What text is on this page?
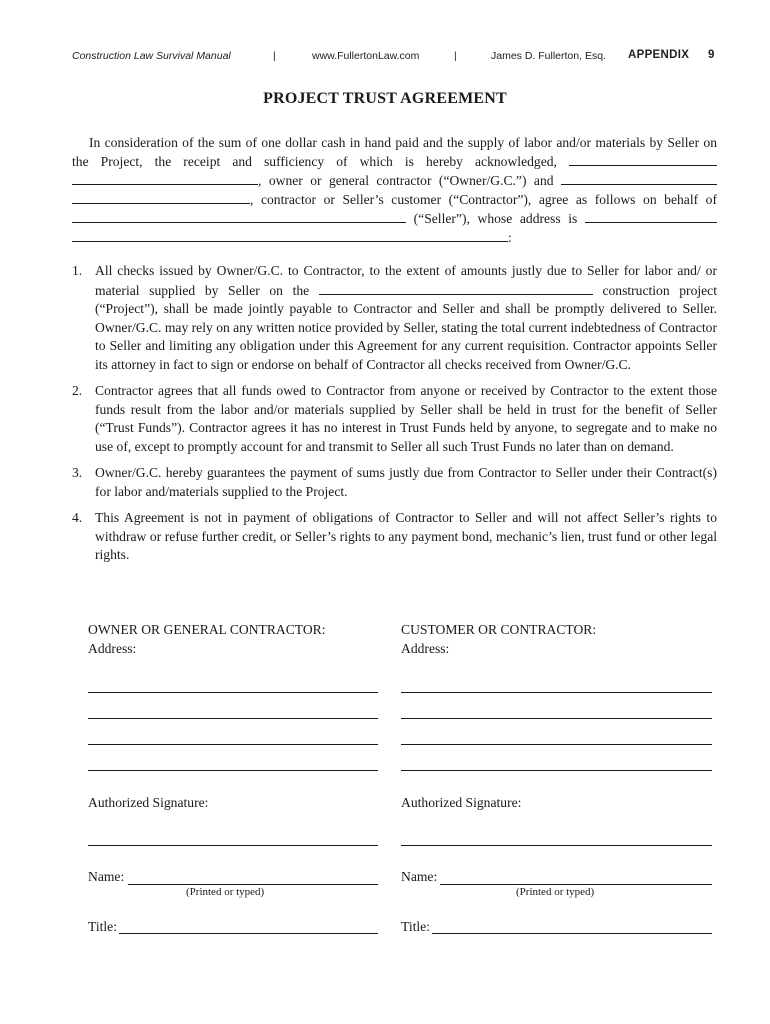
Construction Law Survival Manual	|	www.FullertonLaw.com	|	James D. Fullerton, Esq. APPENDIX 9
PROJECT TRUST AGREEMENT

In consideration of the sum of one dollar cash in hand paid and the supply of labor and/or materials by Seller on the Project, the receipt and sufficiency of which is hereby acknowledged,  , owner or general contractor (“Owner/G.C.”) and  , contractor or Seller’s customer (“Contractor”), agree as follows on behalf of  (“Seller”), whose address is  :

1. All checks issued by Owner/G.C. to Contractor, to the extent of amounts justly due to Seller for labor and/ or material supplied by Seller on the	construction project (“Project”), shall be made jointly payable to Contractor and Seller and shall be promptly delivered to Seller. Owner/G.C. may rely on any written notice provided by Seller, stating the total current indebtedness of Contractor to Seller and limiting any obligation under this Agreement for any current requisition. Contractor appoints Seller its attorney in fact to sign or endorse on behalf of Contractor all checks received from Owner/G.C.
2. Contractor agrees that all funds owed to Contractor from anyone or received by Contractor to the extent those funds result from the labor and/or materials supplied by Seller shall be held in trust for the benefit of Seller (“Trust Funds”). Contractor agrees it has no interest in Trust Funds held by anyone, to segregate and to make no use of, except to promptly account for and transmit to Seller all such Trust Funds no later than on demand.
3. Owner/G.C. hereby guarantees the payment of sums justly due from Contractor to Seller under their Contract(s) for labor and/materials supplied to the Project.
4. This Agreement is not in payment of obligations of Contractor to Seller and will not affect Seller’s rights to withdraw or refuse further credit, or Seller’s rights to any payment bond, mechanic’s lien, trust fund or other legal rights.
OWNER OR GENERAL CONTRACTOR:
Address:
Authorized Signature:
Name:
(Printed or typed)
Title:
CUSTOMER OR CONTRACTOR:
Address:
Authorized Signature:
Name:
(Printed or typed)
Title:
